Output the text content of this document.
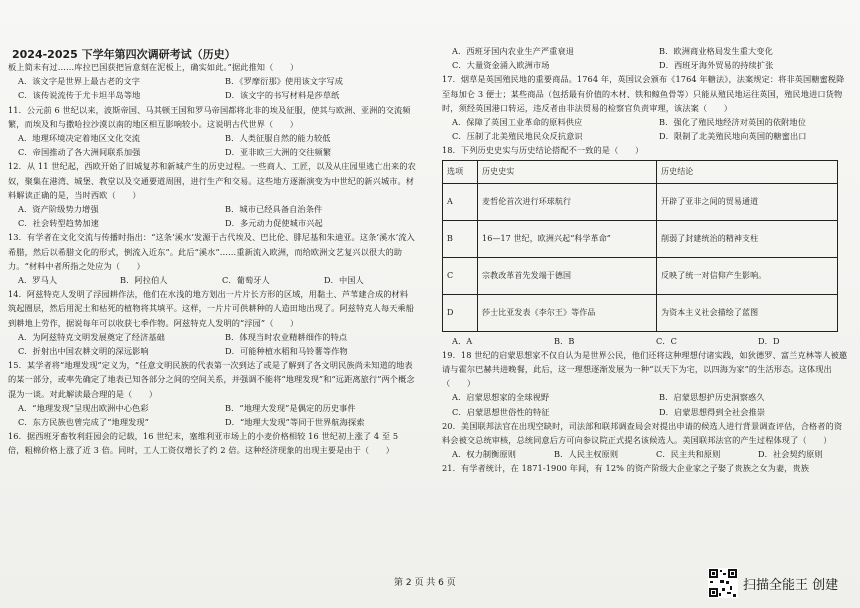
2024-2025 下学年第四次调研考试（历史）

板上简未有过……库拉巴国获把旨意刻在泥板上，确实如此。”据此推知（　　）

A．该文字是世界上最古老的文字	B．《罗摩衍那》使用该文字写成
C．该传说流传于尤卡坦半岛等地	D．该文字的书写材料是莎草纸

11．公元前 6 世纪以来，波斯帝国、马其顿王国和罗马帝国都将北非的埃及征服，使其与欧洲、亚洲的交流频繁，而埃及和与撒哈拉沙漠以南的地区相互影响较小。这说明古代世界（　　）

A．地理环境决定着地区文化交流	B．人类征服自然的能力较低
C．帝国推动了各大洲间联系加强	D．亚非欧三大洲的交往频繁

12．从 11 世纪起，西欧开始了旧城复苏和新城产生的历史过程。一些商人、工匠，以及从庄园里逃亡出来的农奴，聚集在港湾、城堡、教堂以及交通要道周围，进行生产和交易。这些地方逐渐演变为中世纪的新兴城市。材料解读正确的是，当时西欧（　　）

A．资产阶级势力增强	B．城市已经具备自治条件
C．社会转型趋势加速	D．多元动力促使城市兴起

13．有学者在文化交流与传播时指出：“这条‘溪水’发源于古代埃及、巴比伦、腓尼基和朱迪亚。这条‘溪水’流入希腊，然后以希腊文化的形式，倒流入近东”。此后“溪水”……重新流入欧洲，而给欧洲文艺复兴以很大的助力。“材料中者所指之处应为（　　）

A．罗马人	B．阿拉伯人	C．葡萄牙人	D．中国人

14．阿兹特克人发明了浮园耕作法，他们在水浅的地方划出一片片长方形的区域，用黏土、芦苇建合成的材料筑起圈层，然后用泥土和枯死的植物将其填平。这样，一片片可供耕种的人造田地出现了。阿兹特克人每天乘船到耕地上劳作，据说每年可以收获七季作物。阿兹特克人发明的“浮园”（　　）

A．为阿兹特克文明发展奠定了经济基础	B．体现当时农业精耕细作的特点
C．折射出中国农耕文明的深远影响	D．可能种植水稻和马铃薯等作物

15．某学者将“地理发现”定义为，“任意文明民族的代表第一次到达了或是了解到了各文明民族尚未知道的地表的某一部分，或率先确定了地表已知各部分之间的空间关系，并强调不能将“地理发现”和“远距离旅行”两个概念混为一谈。对此解读最合理的是（　　）

A．“地理发现”呈现出欧洲中心色彩	B．“地理大发现”是偶定的历史事件
C．东方民族也曾完成了“地理发现”	D．“地理大发现”等同于世界航海探索

16．据西班牙畜牧利莊园会的记载，16 世纪末，塞维利亚市场上的小麦价格相较 16 世纪初上涨了 4 至 5 倍，粗棉价格上涨了近 3 倍。同时，工人工资仅增长了约 2 倍。这种经济现象的出现主要是由于（　　）

A．西班牙国内农业生产严重衰退	B．欧洲商业格局发生重大变化
C．大量资金涌入欧洲市场	D．西班牙海外贸易的持续扩张

17．烟草是英国殖民地的重要商品。1764 年，英国议会颁布《1764 年糖法》，法案规定：将非英国糖蜜税降至每加仑 3 便士；某些商品（包括最有价值的木材、铁和鲸鱼骨等）只能从殖民地运往英国，殖民地进口货物时，须经英国港口转运，违反者由非法贸易的检察官负责审理，该法案（　　）

A．保障了英国工业革命的原料供应	B．强化了殖民地经济对英国的依附地位
C．压制了北美殖民地民众反抗意识	D．限制了北美殖民地向英国的糖蜜出口

18．下列历史史实与历史结论搭配不一致的是（　　）

选项	历史史实	历史结论
A	麦哲伦首次进行环球航行	开辟了亚非之间的贸易通道
B	16—17 世纪，欧洲兴起“科学革命”	削弱了封建统治的精神支柱
C	宗教改革首先发端于德国	反映了统一对信仰产生影响。
D	莎士比亚发表《李尔王》等作品	为资本主义社会描绘了蓝图
A．A	B．B	C．C	D．D

19．18 世纪的启蒙思想家不仅自认为是世界公民，他们还将这种理想付诸实践，如狄德罗、富兰克林等人被邀请与霍尔巴赫共进晚餐，此后，这一理想逐渐发展为一种“以天下为宅，以四海为家”的生活形态。这体现出（　　）

A．启蒙思想家的全球视野	B．启蒙思想护历史洞察惑久
C．启蒙思想世俗性的特征	D．启蒙思想得到全社会推崇

20．美国联邦法官在出现空缺时，司法部和联邦调查局会对提出申请的候选人进行背景调查评估，合格者的资料会被交总统审核，总统同意后方可向参议院正式提名该候选人。美国联邦法官的产生过程体现了（　　）

A．权力制衡原则	B．人民主权原则	C．民主共和原则	D．社会契约原则

21．有学者统计，在 1871-1900 年间，有 12% 的资产阶级大企业家之子娶了贵族之女为妻，贵族

第 2 页 共 6 页	扫描全能王 创建
